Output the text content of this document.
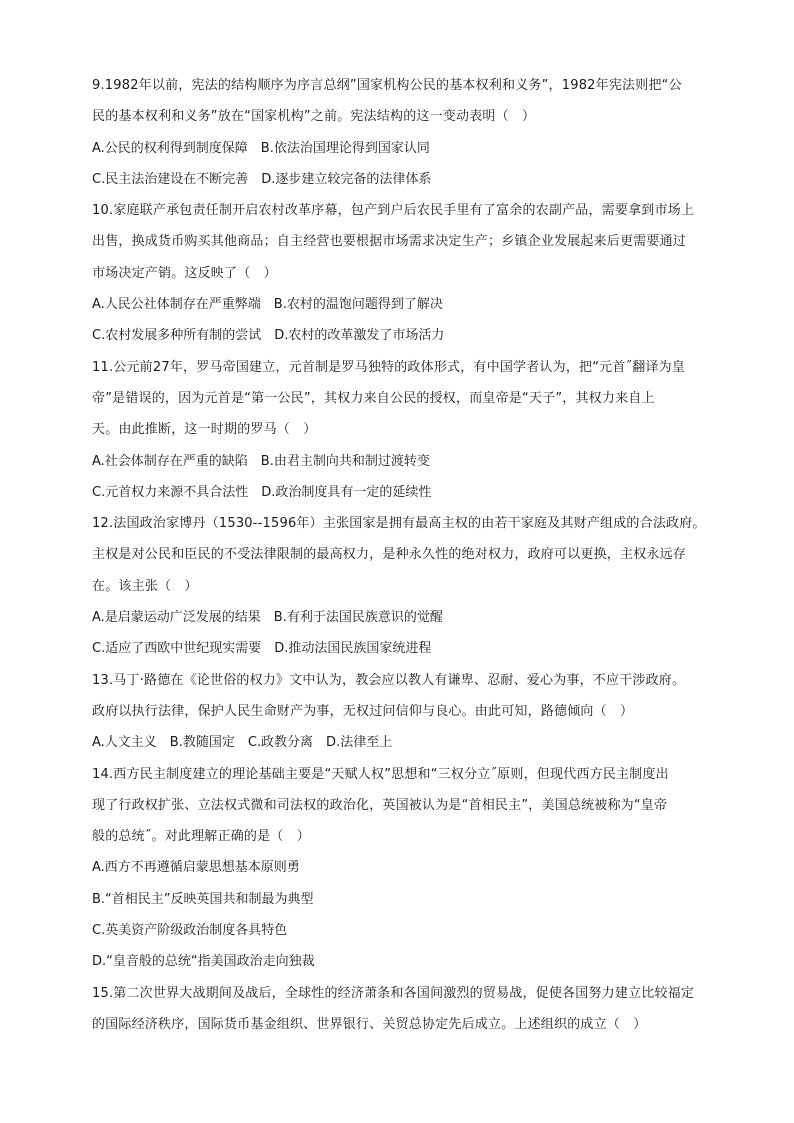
9.1982年以前，宪法的结构顺序为序言总纲”国家机构公民的基本权利和义务”，1982年宪法则把“公
民的基本权利和义务”放在“国家机构”之前。宪法结构的这一变动表明（　）
A.公民的权利得到制度保障　B.依法治国理论得到国家认同
C.民主法治建设在不断完善　D.逐步建立较完备的法律体系
10.家庭联产承包责任制开启农村改革序幕，包产到户后农民手里有了富余的农副产品，需要拿到市场上
出售，换成货币购买其他商品；自主经营也要根据市场需求决定生产；乡镇企业发展起来后更需要通过
市场决定产销。这反映了（　）
A.人民公社体制存在严重弊端　B.农村的温饱问题得到了解决
C.农村发展多种所有制的尝试　D.农村的改革激发了市场活力
11.公元前27年，罗马帝国建立，元首制是罗马独特的政体形式，有中国学者认为，把“元首˝翻译为皇
帝”是错误的，因为元首是“第一公民”，其权力来自公民的授权，而皇帝是“天子”，其权力来自上
天。由此推断，这一时期的罗马（　）
A.社会体制存在严重的缺陷　B.由君主制向共和制过渡转变
C.元首权力来源不具合法性　D.政治制度具有一定的延续性
12.法国政治家博丹（1530--1596年）主张国家是拥有最高主权的由若干家庭及其财产组成的合法政府。
主权是对公民和臣民的不受法律限制的最高权力，是种永久性的绝对权力，政府可以更换，主权永远存
在。该主张（　）
A.是启蒙运动广泛发展的结果　B.有利于法国民族意识的觉醒
C.适应了西欧中世纪现实需要　D.推动法国民族国家统进程
13.马丁·路德在《论世俗的权力》文中认为，教会应以教人有谦卑、忍耐、爱心为事，不应干涉政府。
政府以执行法律，保护人民生命财产为事，无权过问信仰与良心。由此可知，路德倾向（　）
A.人文主义　B.教随国定　C.政教分离　D.法律至上
14.西方民主制度建立的理论基础主要是“天赋人权”思想和“三权分立˝原则，但现代西方民主制度出
现了行政权扩张、立法权式微和司法权的政治化，英国被认为是“首相民主”，美国总统被称为“皇帝
般的总统˝。对此理解正确的是（　）
A.西方不再遵循启蒙思想基本原则勇
B.“首相民主”反映英国共和制最为典型
C.英美资产阶级政治制度各具特色
D.“皇音般的总统“指美国政治走向独裁
15.第二次世界大战期间及战后，全球性的经济萧条和各国间激烈的贸易战，促使各国努力建立比较福定
的国际经济秩序，国际货币基金组织、世界银行、关贸总协定先后成立。上述组织的成立（　）
